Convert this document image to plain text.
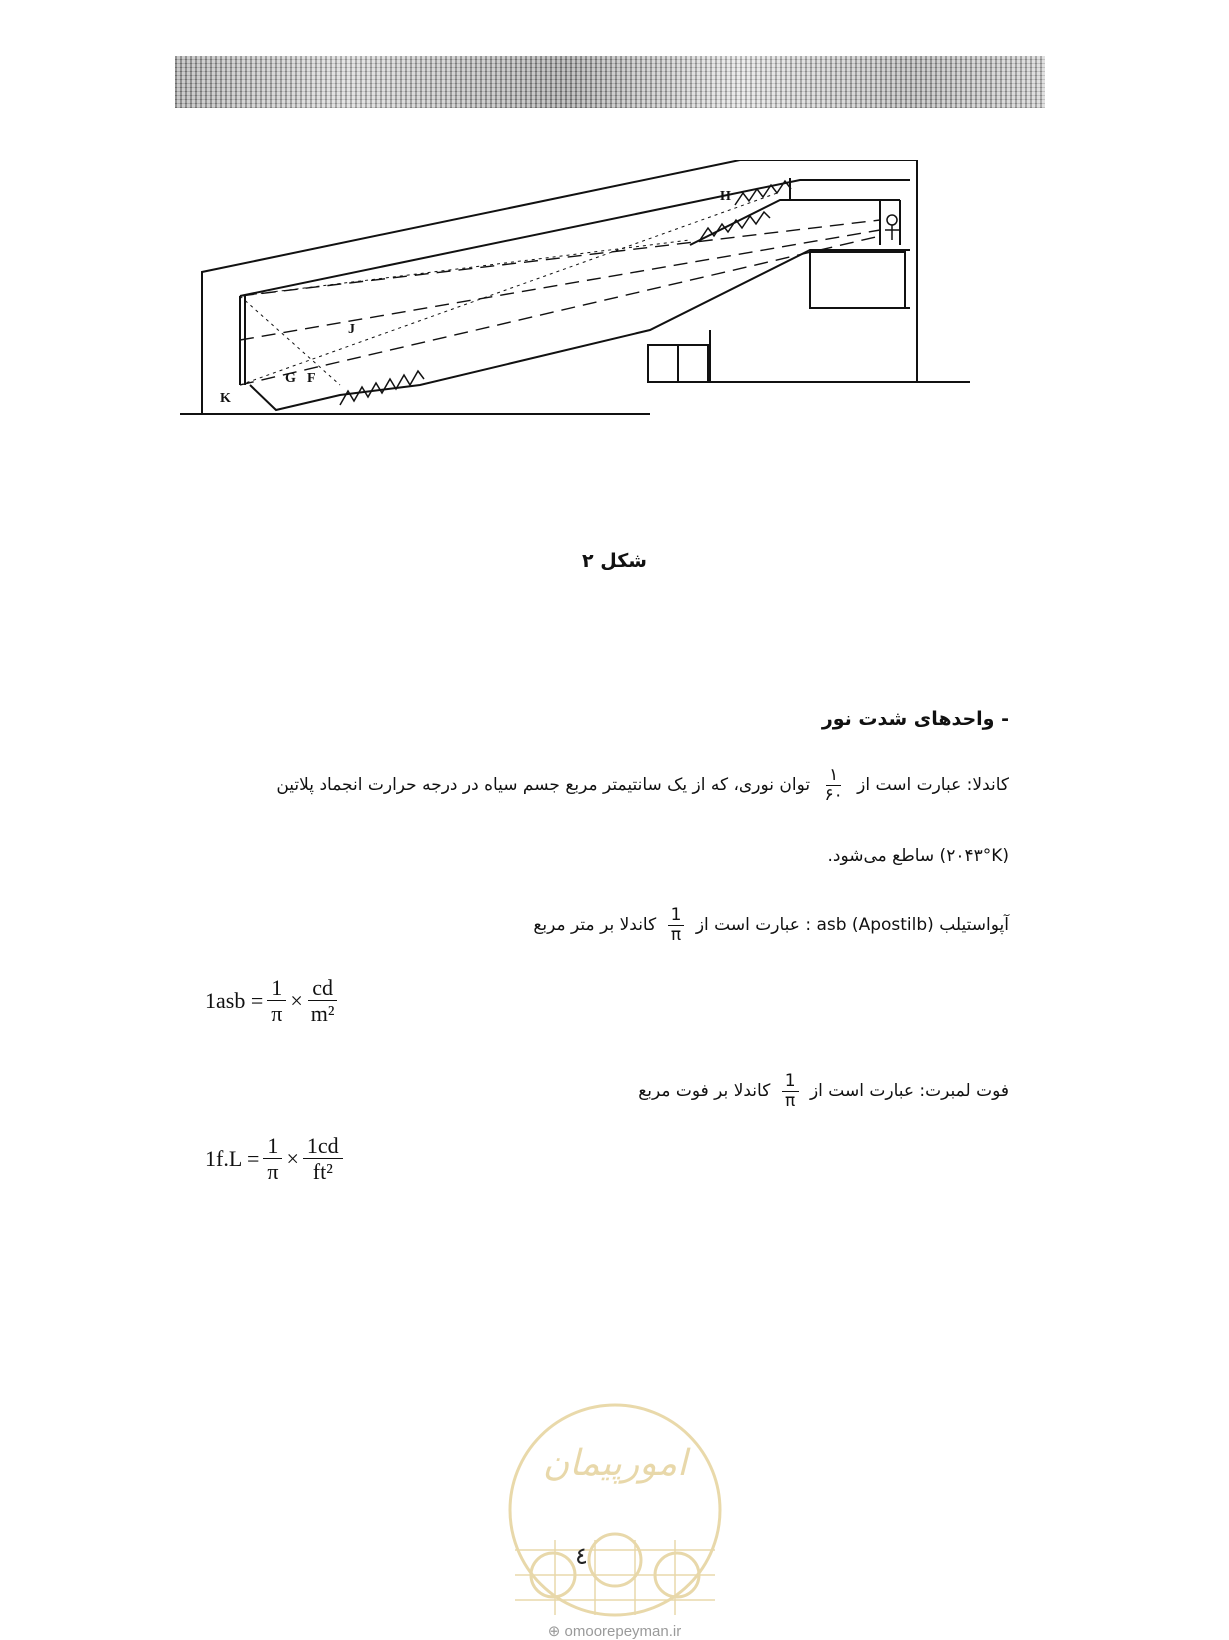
H
J
G F
K
شکل ۲
- واحدهای شدت نور
کاندلا: عبارت است از
$\frac{۱}{۶۰}$
توان نوری، که از یک سانتیمتر مربع جسم سیاه در درجه حرارت انجماد پلاتین
(۲۰۴۳°K) ساطع می‌شود.
آپواستیلب (Apostilb) asb : عبارت است از
$\frac{1}{\pi}$
کاندلا بر متر مربع
$1asb = \frac{1}{\pi} \times \frac{cd}{\text{m²}}$
فوت لمبرت: عبارت است از
$\frac{1}{\pi}$
کاندلا بر فوت مربع
$1f.L = \frac{1}{\pi} \times \frac{1cd}{\text{ft²}}$
امورپیمان
٤
⊕ omoorepeyman.ir
